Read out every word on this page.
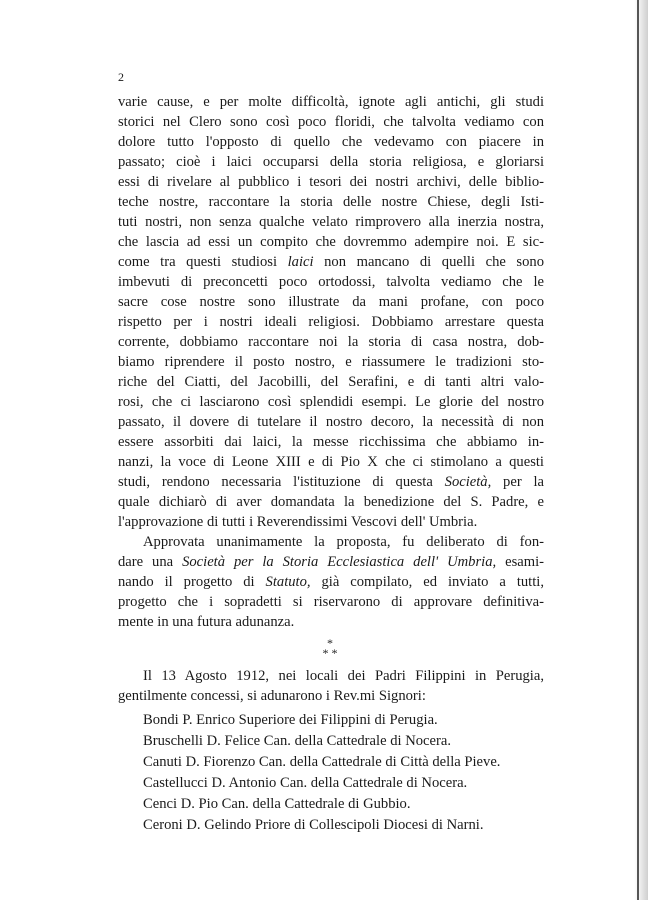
2
varie cause, e per molte difficoltà, ignote agli antichi, gli studi
storici nel Clero sono così poco floridi, che talvolta vediamo con
dolore tutto l'opposto di quello che vedevamo con piacere in
passato; cioè i laici occuparsi della storia religiosa, e gloriarsi
essi di rivelare al pubblico i tesori dei nostri archivi, delle biblio-
teche nostre, raccontare la storia delle nostre Chiese, degli Isti-
tuti nostri, non senza qualche velato rimprovero alla inerzia nostra,
che lascia ad essi un compito che dovremmo adempire noi. E sic-
come tra questi studiosi laici non mancano di quelli che sono
imbevuti di preconcetti poco ortodossi, talvolta vediamo che le
sacre cose nostre sono illustrate da mani profane, con poco
rispetto per i nostri ideali religiosi. Dobbiamo arrestare questa
corrente, dobbiamo raccontare noi la storia di casa nostra, dob-
biamo riprendere il posto nostro, e riassumere le tradizioni sto-
riche del Ciatti, del Jacobilli, del Serafini, e di tanti altri valo-
rosi, che ci lasciarono così splendidi esempi. Le glorie del nostro
passato, il dovere di tutelare il nostro decoro, la necessità di non
essere assorbiti dai laici, la messe ricchissima che abbiamo in-
nanzi, la voce di Leone XIII e di Pio X che ci stimolano a questi
studi, rendono necessaria l'istituzione di questa Società, per la
quale dichiarò di aver domandata la benedizione del S. Padre, e
l'approvazione di tutti i Reverendissimi Vescovi dell' Umbria.
Approvata unanimamente la proposta, fu deliberato di fon-
dare una Società per la Storia Ecclesiastica dell' Umbria, esami-
nando il progetto di Statuto, già compilato, ed inviato a tutti,
progetto che i sopradetti si riservarono di approvare definitiva-
mente in una futura adunanza.
*
* *
Il 13 Agosto 1912, nei locali dei Padri Filippini in Perugia,
gentilmente concessi, si adunarono i Rev.mi Signori:
Bondi P. Enrico Superiore dei Filippini di Perugia.
Bruschelli D. Felice Can. della Cattedrale di Nocera.
Canuti D. Fiorenzo Can. della Cattedrale di Città della Pieve.
Castellucci D. Antonio Can. della Cattedrale di Nocera.
Cenci D. Pio Can. della Cattedrale di Gubbio.
Ceroni D. Gelindo Priore di Collescipoli Diocesi di Narni.
